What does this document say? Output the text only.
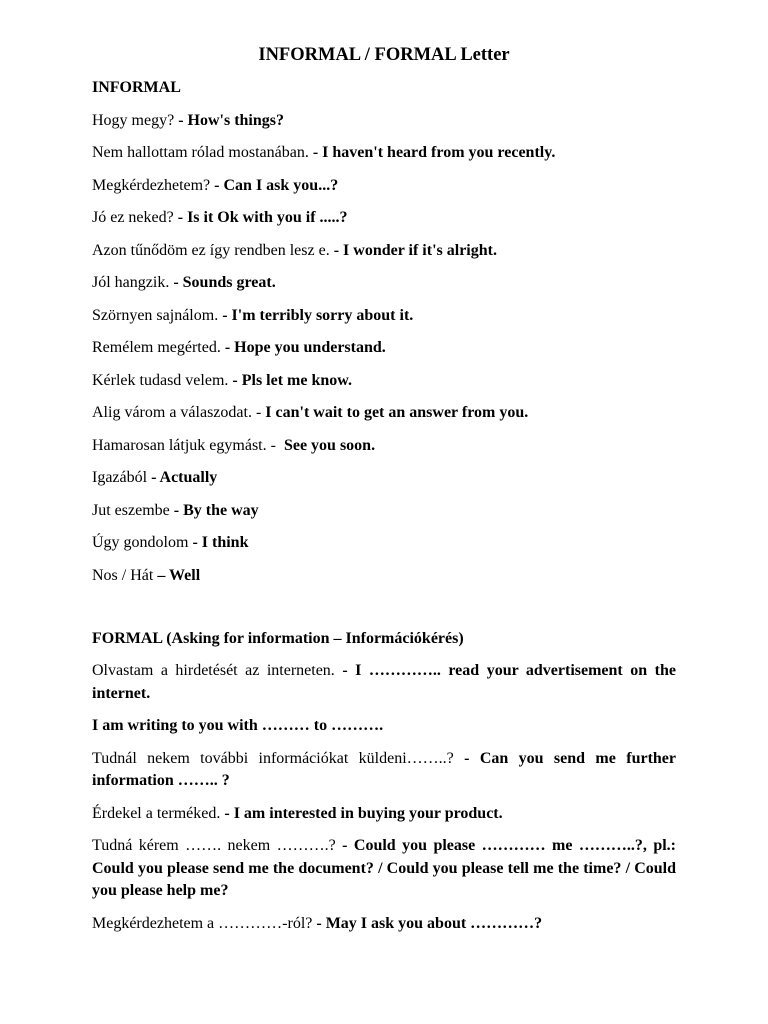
INFORMAL / FORMAL Letter
INFORMAL
Hogy megy? - How's things?
Nem hallottam rólad mostanában. - I haven't heard from you recently.
Megkérdezhetem? - Can I ask you...?
Jó ez neked? - Is it Ok with you if .....?
Azon tűnődöm ez így rendben lesz e. - I wonder if it's alright.
Jól hangzik. - Sounds great.
Szörnyen sajnálom. - I'm terribly sorry about it.
Remélem megérted. - Hope you understand.
Kérlek tudasd velem. - Pls let me know.
Alig várom a válaszodat. - I can't wait to get an answer from you.
Hamarosan látjuk egymást. -  See you soon.
Igazából - Actually
Jut eszembe - By the way
Úgy gondolom - I think
Nos / Hát – Well
FORMAL (Asking for information – Információkérés)
Olvastam a hirdetését az interneten. - I ………….. read your advertisement on the internet.
I am writing to you with ……… to ……….
Tudnál nekem további információkat küldeni……..? - Can you send me further information …….. ?
Érdekel a terméked. - I am interested in buying your product.
Tudná kérem ……. nekem ……….? - Could you please ………… me ………..?, pl.: Could you please send me the document? / Could you please tell me the time? / Could you please help me?
Megkérdezhetem a …………-ról? - May I ask you about …………?
